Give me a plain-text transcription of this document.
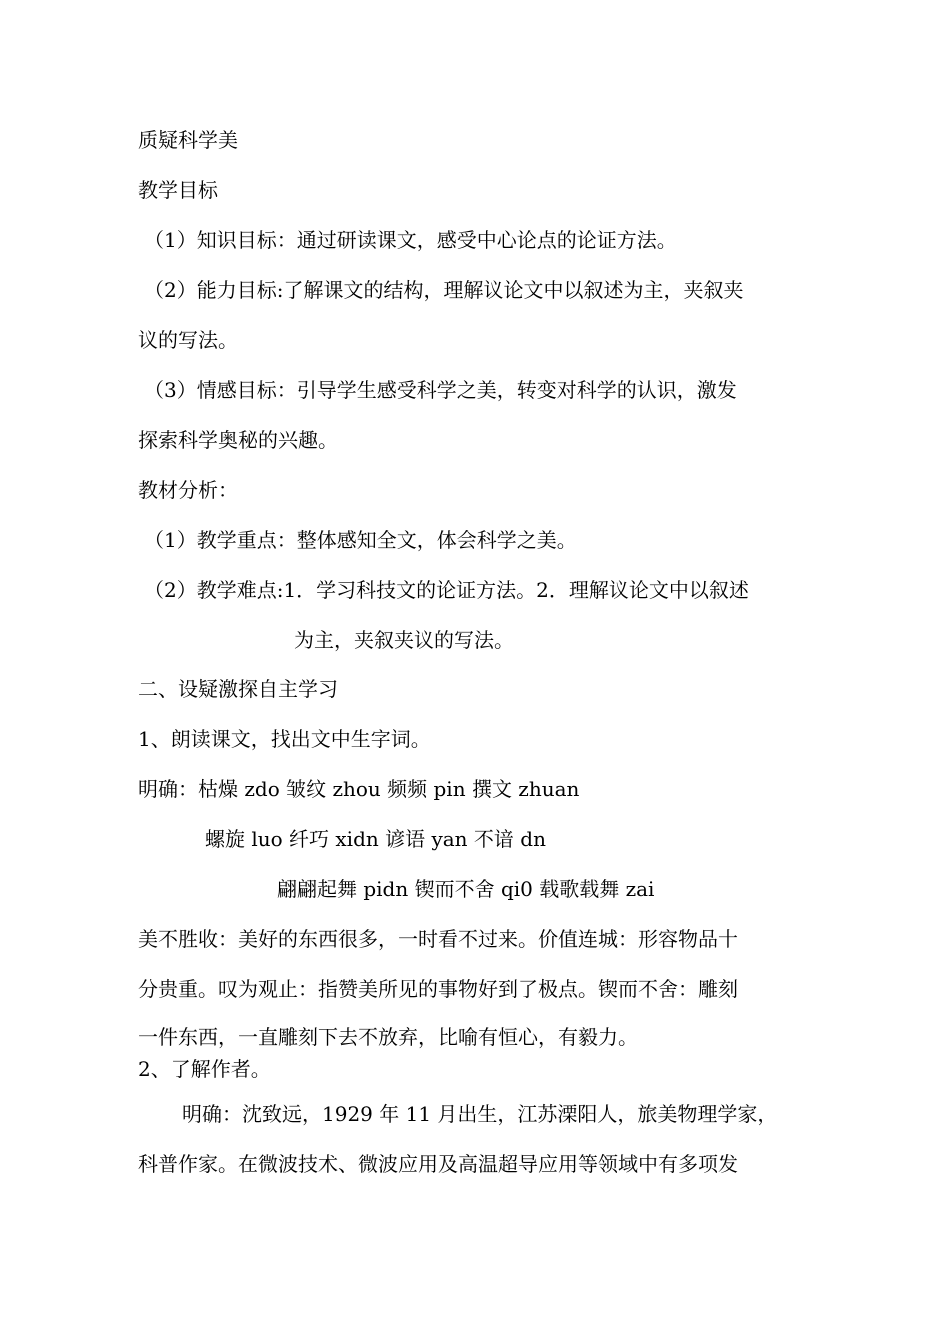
质疑科学美

教学目标

（1）知识目标：通过研读课文，感受中心论点的论证方法。

（2）能力目标:了解课文的结构，理解议论文中以叙述为主，夹叙夹

议的写法。

（3）情感目标：引导学生感受科学之美，转变对科学的认识，激发

探索科学奥秘的兴趣。

教材分析：

（1）教学重点：整体感知全文，体会科学之美。

（2）教学难点:1．学习科技文的论证方法。2．理解议论文中以叙述

为主，夹叙夹议的写法。

二、设疑激探自主学习

1、朗读课文，找出文中生字词。

明确：枯燥 zdo 皱纹 zhou 频频 pin 撰文 zhuan

螺旋 luo 纤巧 xidn 谚语 yan 不谙 dn

翩翩起舞 pidn 锲而不舍 qi0 载歌载舞 zai

美不胜收：美好的东西很多，一时看不过来。价值连城：形容物品十

分贵重。叹为观止：指赞美所见的事物好到了极点。锲而不舍：雕刻

一件东西，一直雕刻下去不放弃，比喻有恒心，有毅力。

2、了解作者。

明确：沈致远，1929 年 11 月出生，江苏溧阳人，旅美物理学家，

科普作家。在微波技术、微波应用及高温超导应用等领域中有多项发
